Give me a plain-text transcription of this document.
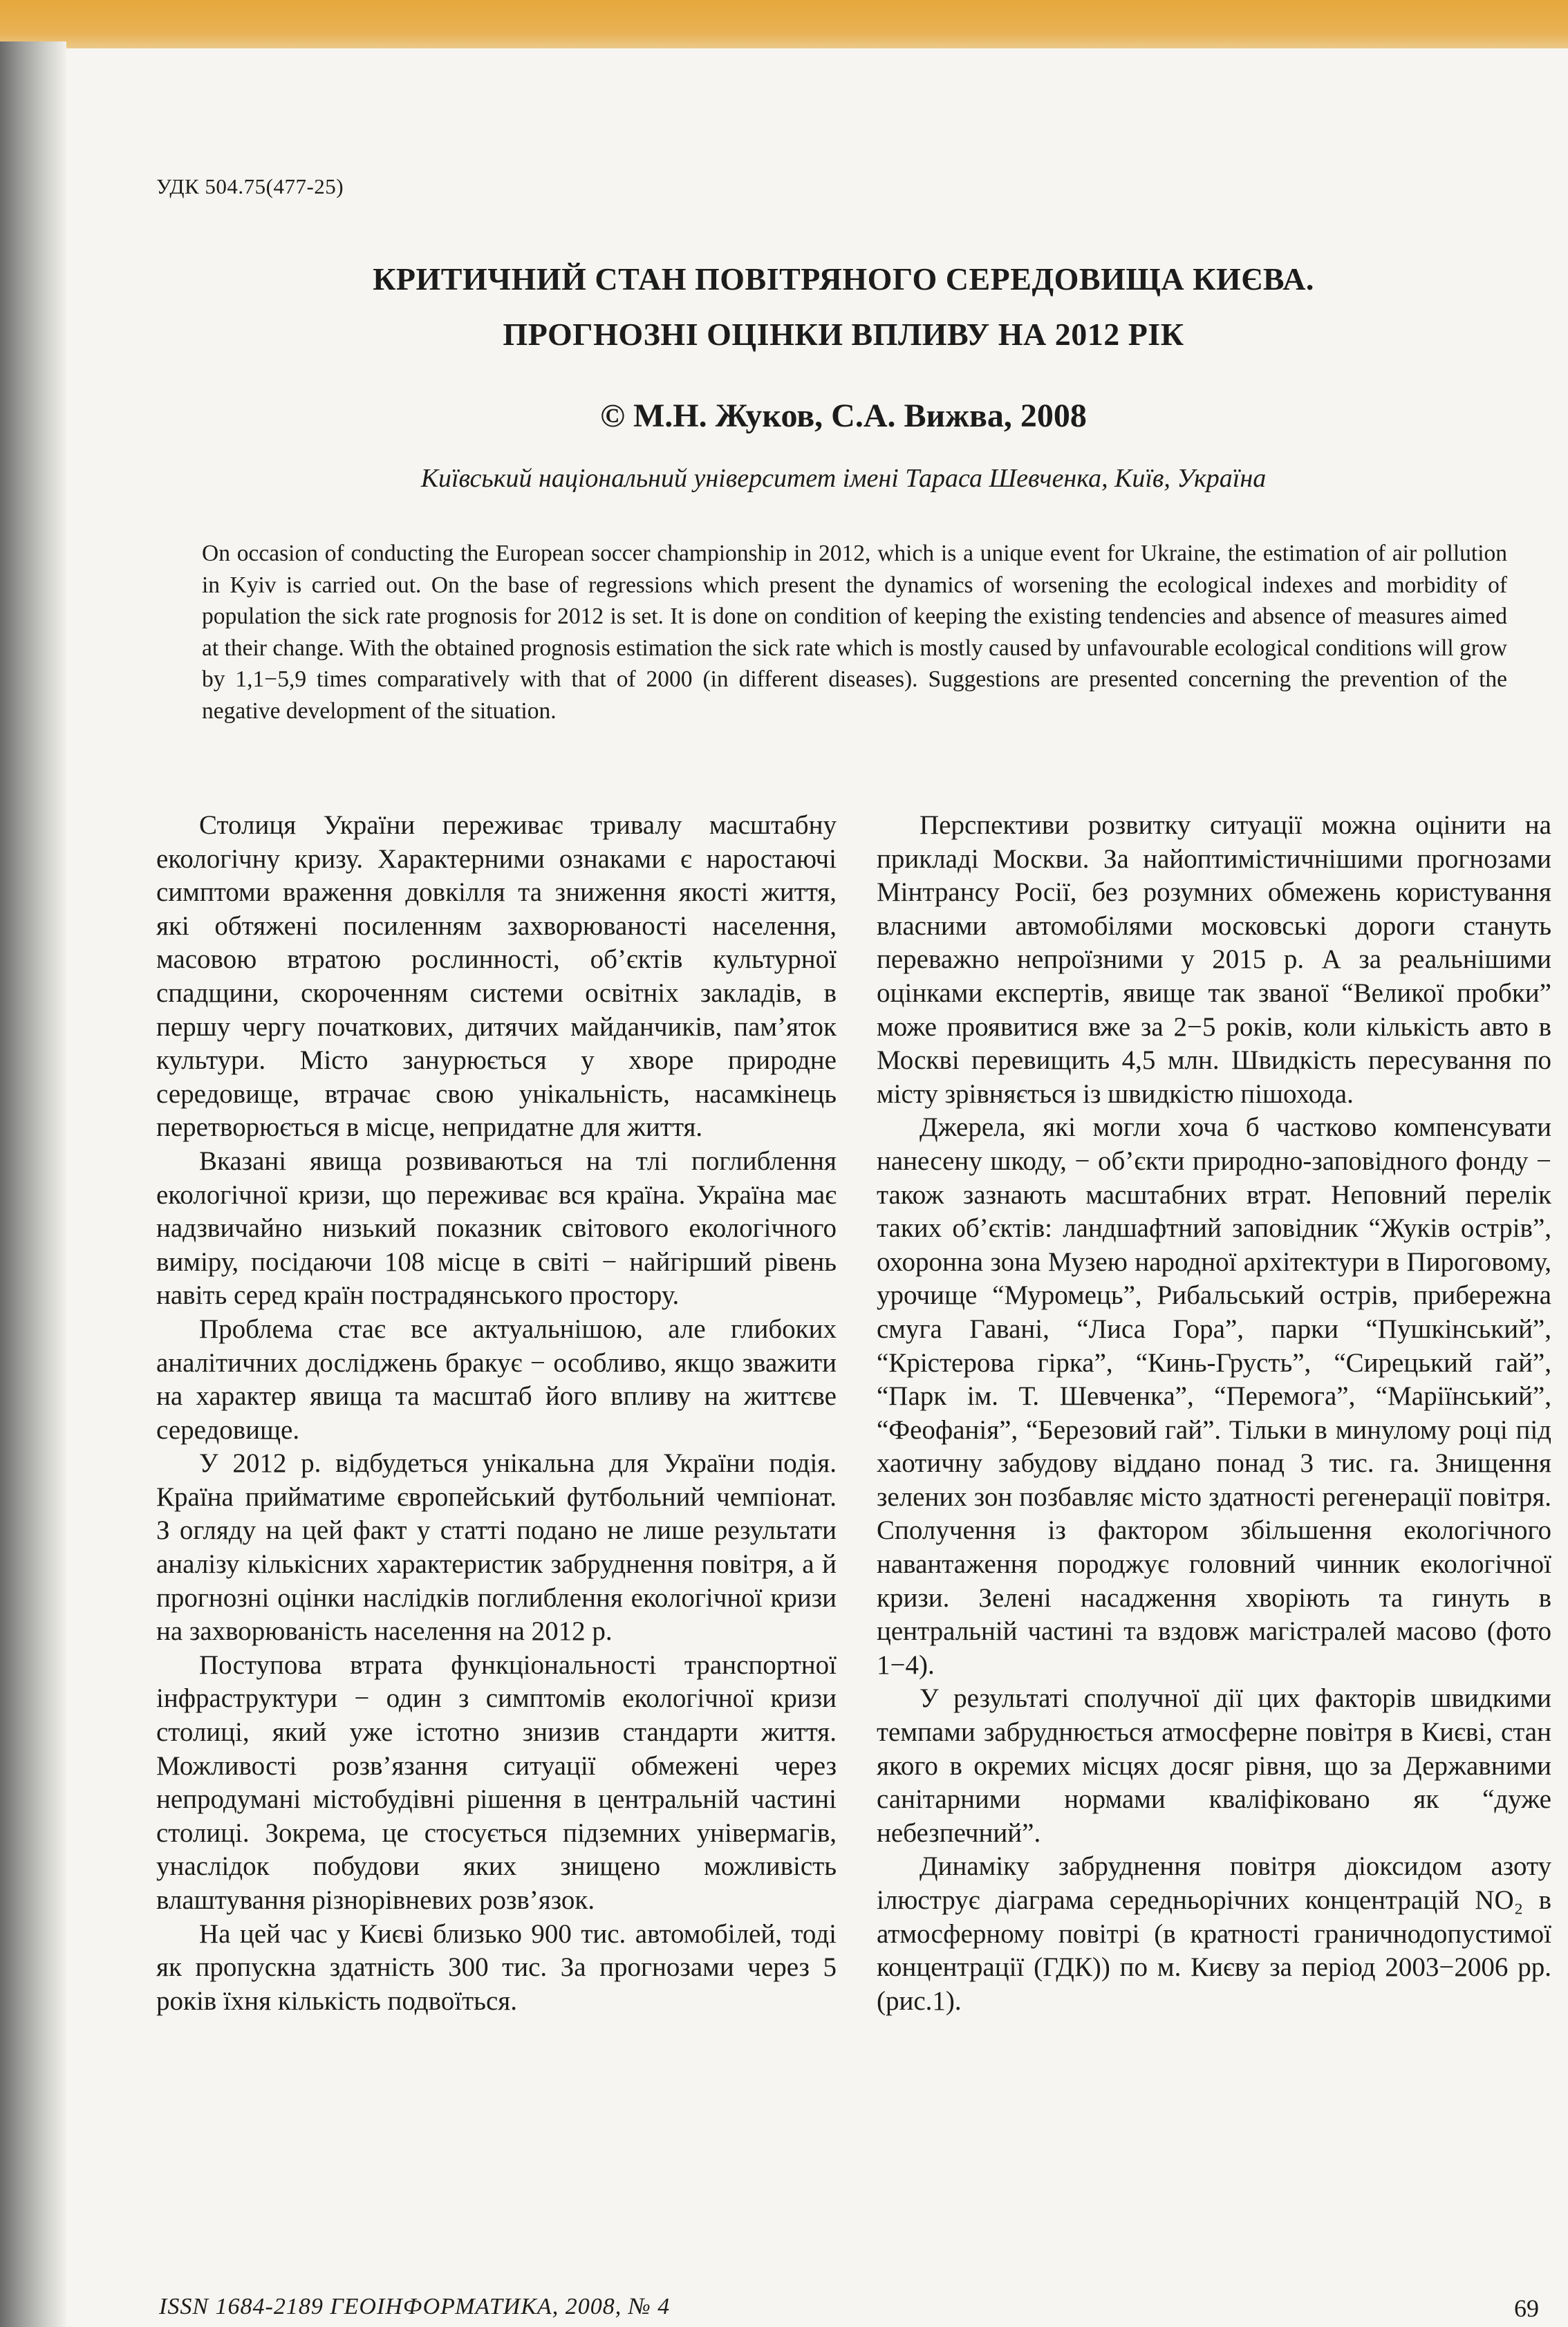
УДК 504.75(477-25)
КРИТИЧНИЙ СТАН ПОВІТРЯНОГО СЕРЕДОВИЩА КИЄВА.
ПРОГНОЗНІ ОЦІНКИ ВПЛИВУ НА 2012 РІК
© М.Н. Жуков, С.А. Вижва, 2008
Київський національний університет імені Тараса Шевченка, Київ, Україна
On occasion of conducting the European soccer championship in 2012, which is a unique event for Ukraine, the estimation of air pollution in Kyiv is carried out. On the base of regressions which present the dynamics of worsening the ecological indexes and morbidity of population the sick rate prognosis for 2012 is set. It is done on condition of keeping the existing tendencies and absence of measures aimed at their change. With the obtained prognosis estimation the sick rate which is mostly caused by unfavourable ecological conditions will grow by 1,1−5,9 times comparatively with that of 2000 (in different diseases). Suggestions are presented concerning the prevention of the negative development of the situation.

Столиця України переживає тривалу масштабну екологічну кризу. Характерними ознаками є наростаючі симптоми враження довкілля та зниження якості життя, які обтяжені посиленням захворюваності населення, масовою втратою рослинності, об’єктів культурної спадщини, скороченням системи освітніх закладів, в першу чергу початкових, дитячих майданчиків, пам’яток культури. Місто занурюється у хворе природне середовище, втрачає свою унікальність, насамкінець перетворюється в місце, непридатне для життя.

Вказані явища розвиваються на тлі поглиблення екологічної кризи, що переживає вся країна. Україна має надзвичайно низький показник світового екологічного виміру, посідаючи 108 місце в світі − найгірший рівень навіть серед країн пострадянського простору.

Проблема стає все актуальнішою, але глибоких аналітичних досліджень бракує − особливо, якщо зважити на характер явища та масштаб його впливу на життєве середовище.

У 2012 р. відбудеться унікальна для України подія. Країна прийматиме європейський футбольний чемпіонат. З огляду на цей факт у статті подано не лише результати аналізу кількісних характеристик забруднення повітря, а й прогнозні оцінки наслідків поглиблення екологічної кризи на захворюваність населення на 2012 р.

Поступова втрата функціональності транспортної інфраструктури − один з симптомів екологічної кризи столиці, який уже істотно знизив стандарти життя. Можливості розв’язання ситуації обмежені через непродумані містобудівні рішення в центральній частині столиці. Зокрема, це стосується підземних універмагів, унаслідок побудови яких знищено можливість влаштування різнорівневих розв’язок.

На цей час у Києві близько 900 тис. автомобілей, тоді як пропускна здатність 300 тис. За прогнозами через 5 років їхня кількість подвоїться.

Перспективи розвитку ситуації можна оцінити на прикладі Москви. За найоптимістичнішими прогнозами Мінтрансу Росії, без розумних обмежень користування власними автомобілями московські дороги стануть переважно непроїзними у 2015 р. А за реальнішими оцінками експертів, явище так званої “Великої пробки” може проявитися вже за 2−5 років, коли кількість авто в Москві перевищить 4,5 млн. Швидкість пересування по місту зрівняється із швидкістю пішохода.

Джерела, які могли хоча б частково компенсувати нанесену шкоду, − об’єкти природно-заповідного фонду − також зазнають масштабних втрат. Неповний перелік таких об’єктів: ландшафтний заповідник “Жуків острів”, охоронна зона Музею народної архітектури в Пироговому, урочище “Муромець”, Рибальський острів, прибережна смуга Гавані, “Лиса Гора”, парки “Пушкінський”, “Крістерова гірка”, “Кинь-Грусть”, “Сирецький гай”, “Парк ім. Т. Шевченка”, “Перемога”, “Маріїнський”, “Феофанія”, “Березовий гай”. Тільки в минулому році під хаотичну забудову віддано понад 3 тис. га. Знищення зелених зон позбавляє місто здатності регенерації повітря. Сполучення із фактором збільшення екологічного навантаження породжує головний чинник екологічної кризи. Зелені насадження хворіють та гинуть в центральній частині та вздовж магістралей масово (фото 1−4).

У результаті сполучної дії цих факторів швидкими темпами забруднюється атмосферне повітря в Києві, стан якого в окремих місцях досяг рівня, що за Державними санітарними нормами кваліфіковано як “дуже небезпечний”.

Динаміку забруднення повітря діоксидом азоту ілюструє діаграма середньорічних концентрацій NO₂ в атмосферному повітрі (в кратності граничнодопустимої концентрації (ГДК)) по м. Києву за період 2003−2006 рр. (рис.1).

ISSN 1684-2189 ГЕОІНФОРМАТИКА, 2008, № 4	69
